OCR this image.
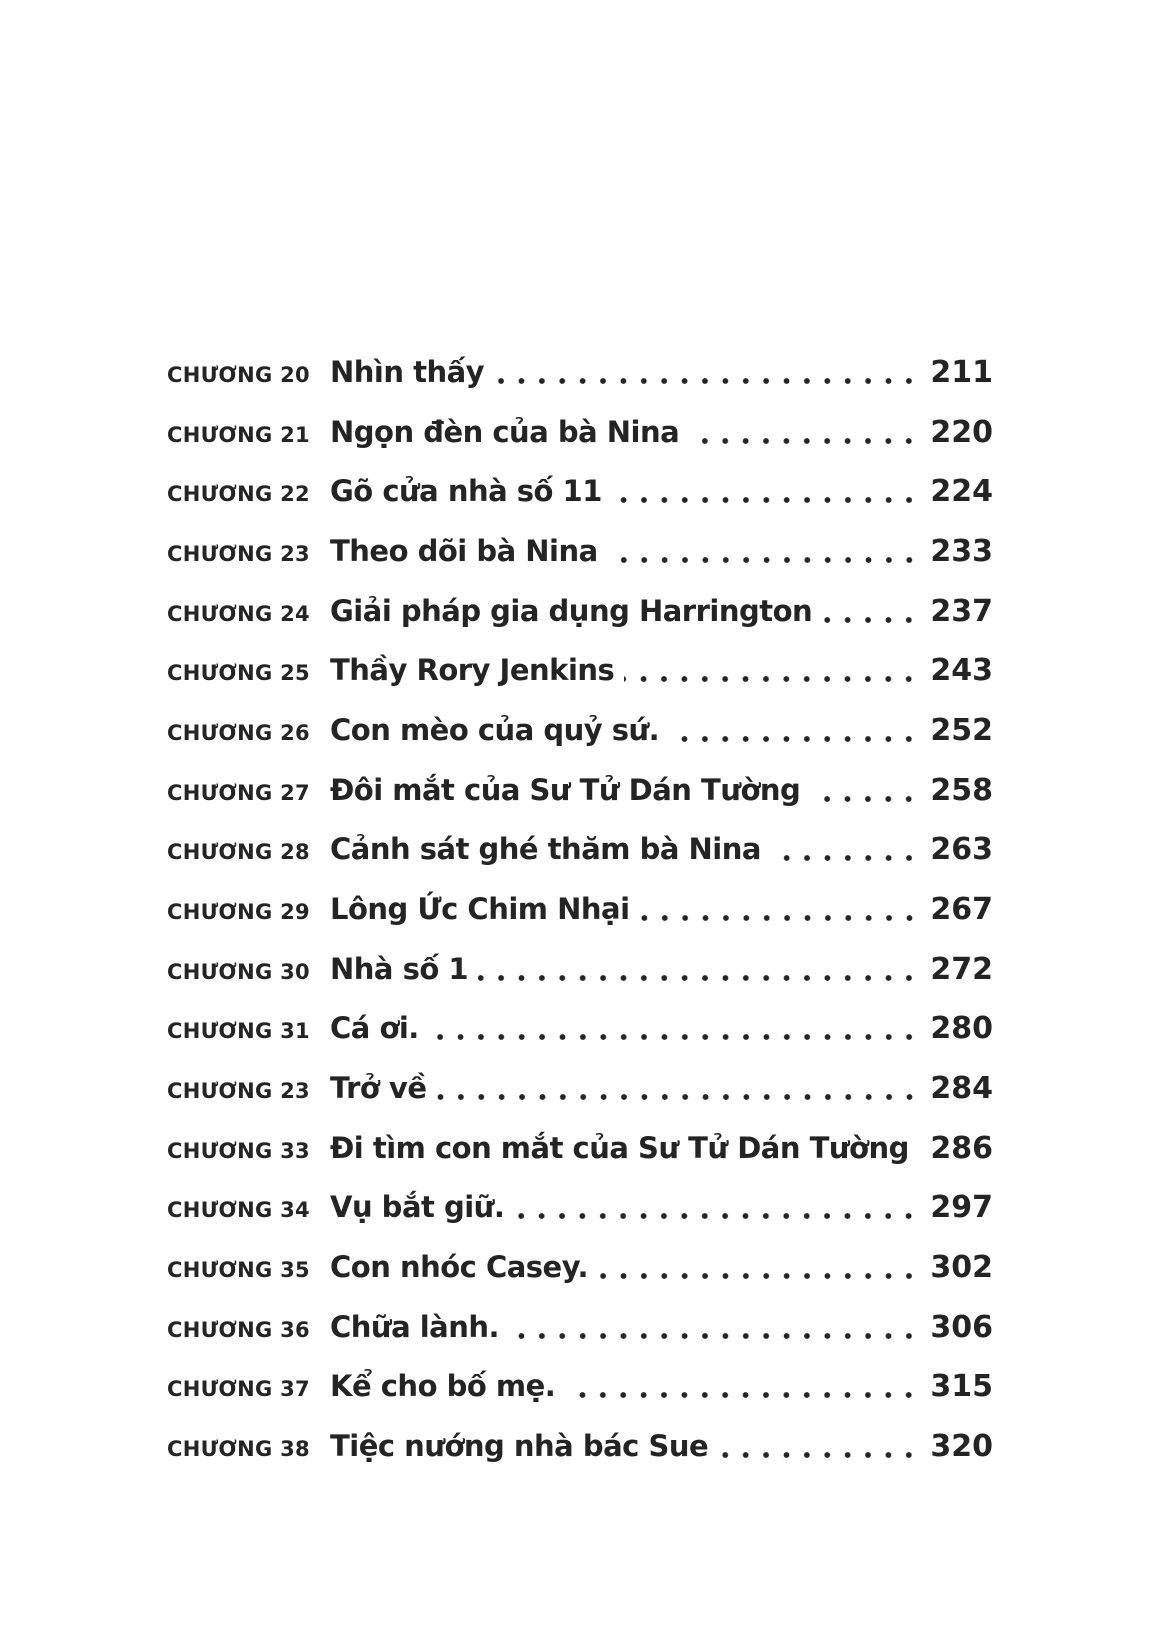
CHƯƠNG 20 Nhìn thấy	211
CHƯƠNG 21 Ngọn đèn của bà Nina	220
CHƯƠNG 22 Gõ cửa nhà số 11	224
CHƯƠNG 23 Theo dõi bà Nina	233
CHƯƠNG 24 Giải pháp gia dụng Harrington	237
CHƯƠNG 25 Thầy Rory Jenkins	243
CHƯƠNG 26 Con mèo của quỷ sứ.	252
CHƯƠNG 27 Đôi mắt của Sư Tử Dán Tường	258
CHƯƠNG 28 Cảnh sát ghé thăm bà Nina	263
CHƯƠNG 29 Lông Ức Chim Nhại	267
CHƯƠNG 30 Nhà số 1	272
CHƯƠNG 31 Cá ơi.	280
CHƯƠNG 23 Trở về	284
CHƯƠNG 33 Đi tìm con mắt của Sư Tử Dán Tường 286
CHƯƠNG 34 Vụ bắt giữ.	297
CHƯƠNG 35 Con nhóc Casey.	302
CHƯƠNG 36 Chữa lành.	306
CHƯƠNG 37 Kể cho bố mẹ.	315
CHƯƠNG 38 Tiệc nướng nhà bác Sue	320
